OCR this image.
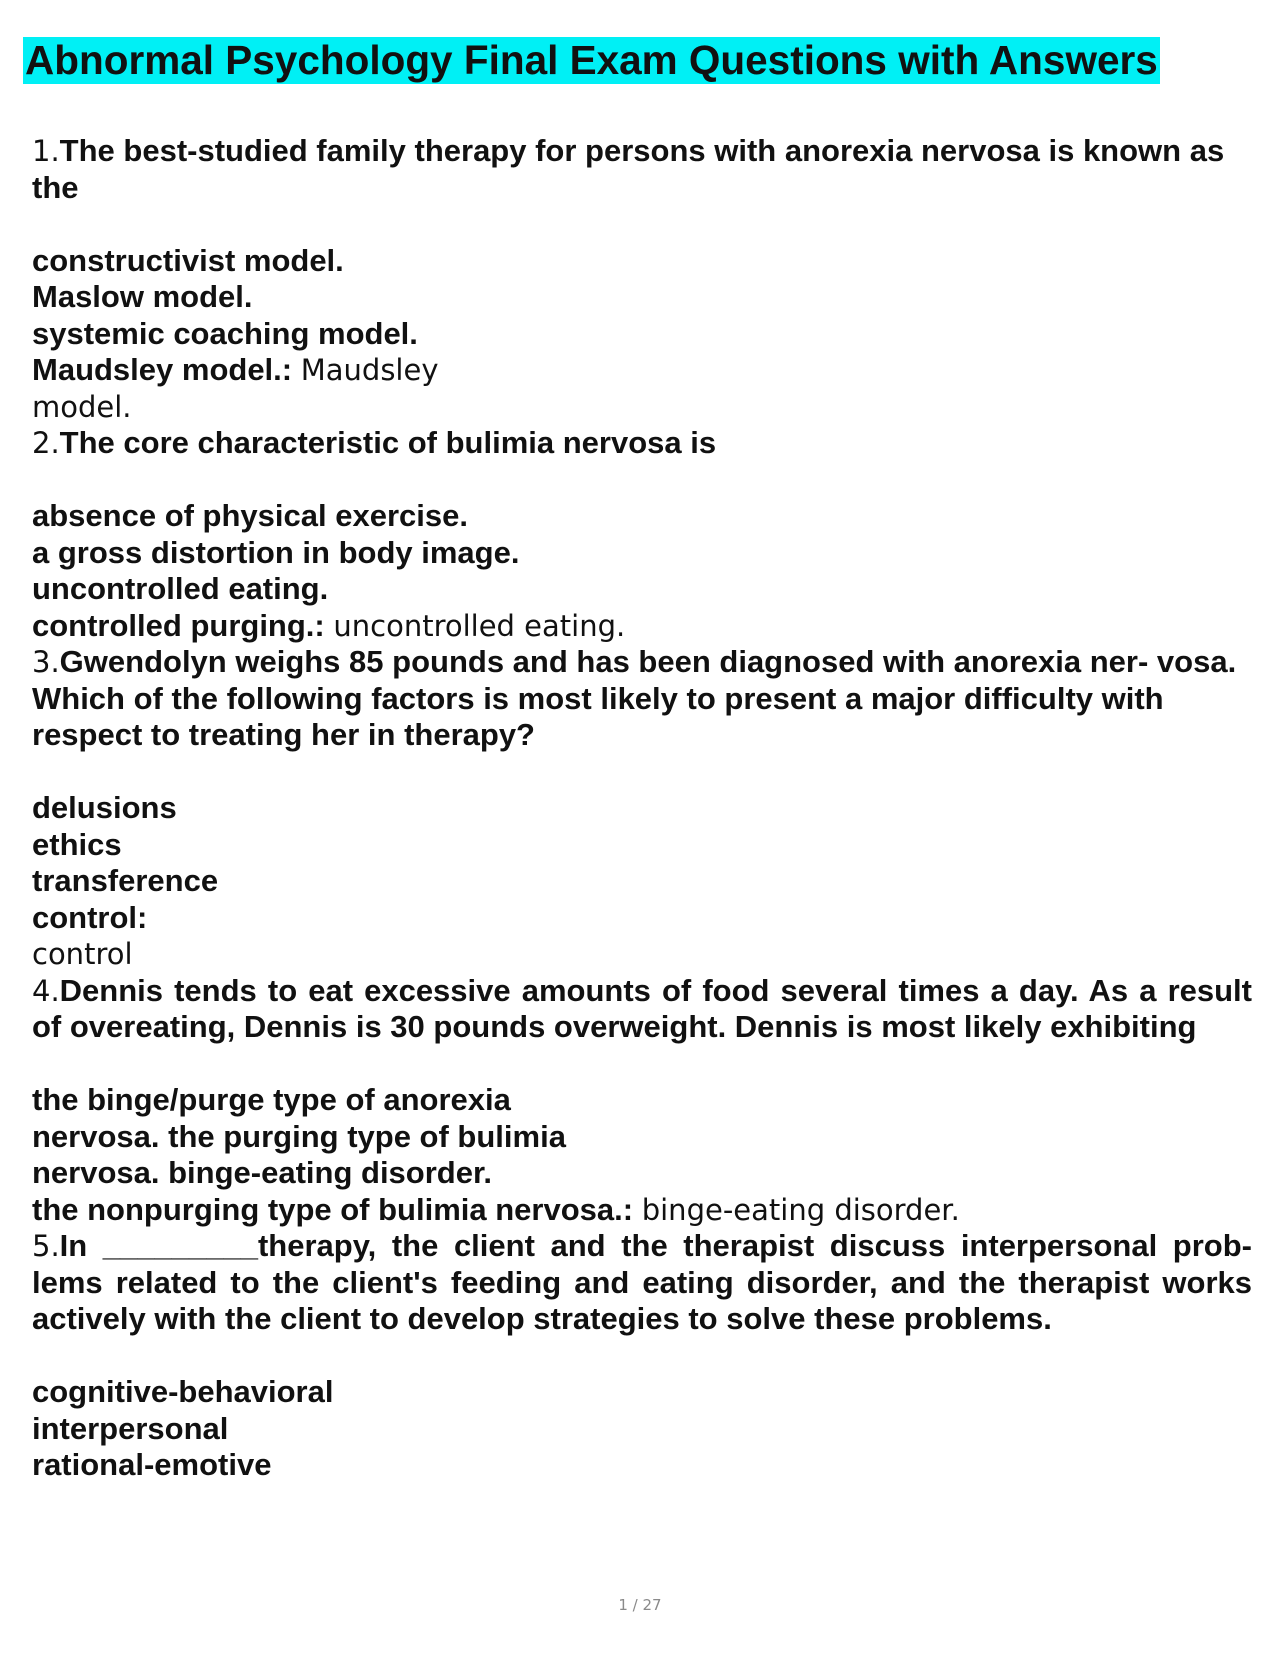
Abnormal Psychology Final Exam Questions with Answers
1.The best-studied family therapy for persons with anorexia nervosa is known as the
constructivist model.
Maslow model.
systemic coaching model.
Maudsley model.: Maudsley
model.
2.The core characteristic of bulimia nervosa is
absence of physical exercise.
a gross distortion in body image.
uncontrolled eating.
controlled purging.: uncontrolled eating.
3.Gwendolyn weighs 85 pounds and has been diagnosed with anorexia ner- vosa. Which of the following factors is most likely to present a major difficulty with respect to treating her in therapy?
delusions
ethics
transference
control:
control
4.Dennis tends to eat excessive amounts of food several times a day. As a result of overeating, Dennis is 30 pounds overweight. Dennis is most likely exhibiting
the binge/purge type of anorexia
nervosa. the purging type of bulimia
nervosa. binge-eating disorder.
the nonpurging type of bulimia nervosa.: binge-eating disorder.
5.In _________therapy, the client and the therapist discuss interpersonal prob- lems related to the client's feeding and eating disorder, and the therapist works actively with the client to develop strategies to solve these problems.
cognitive-behavioral
interpersonal
rational-emotive
1 / 27
